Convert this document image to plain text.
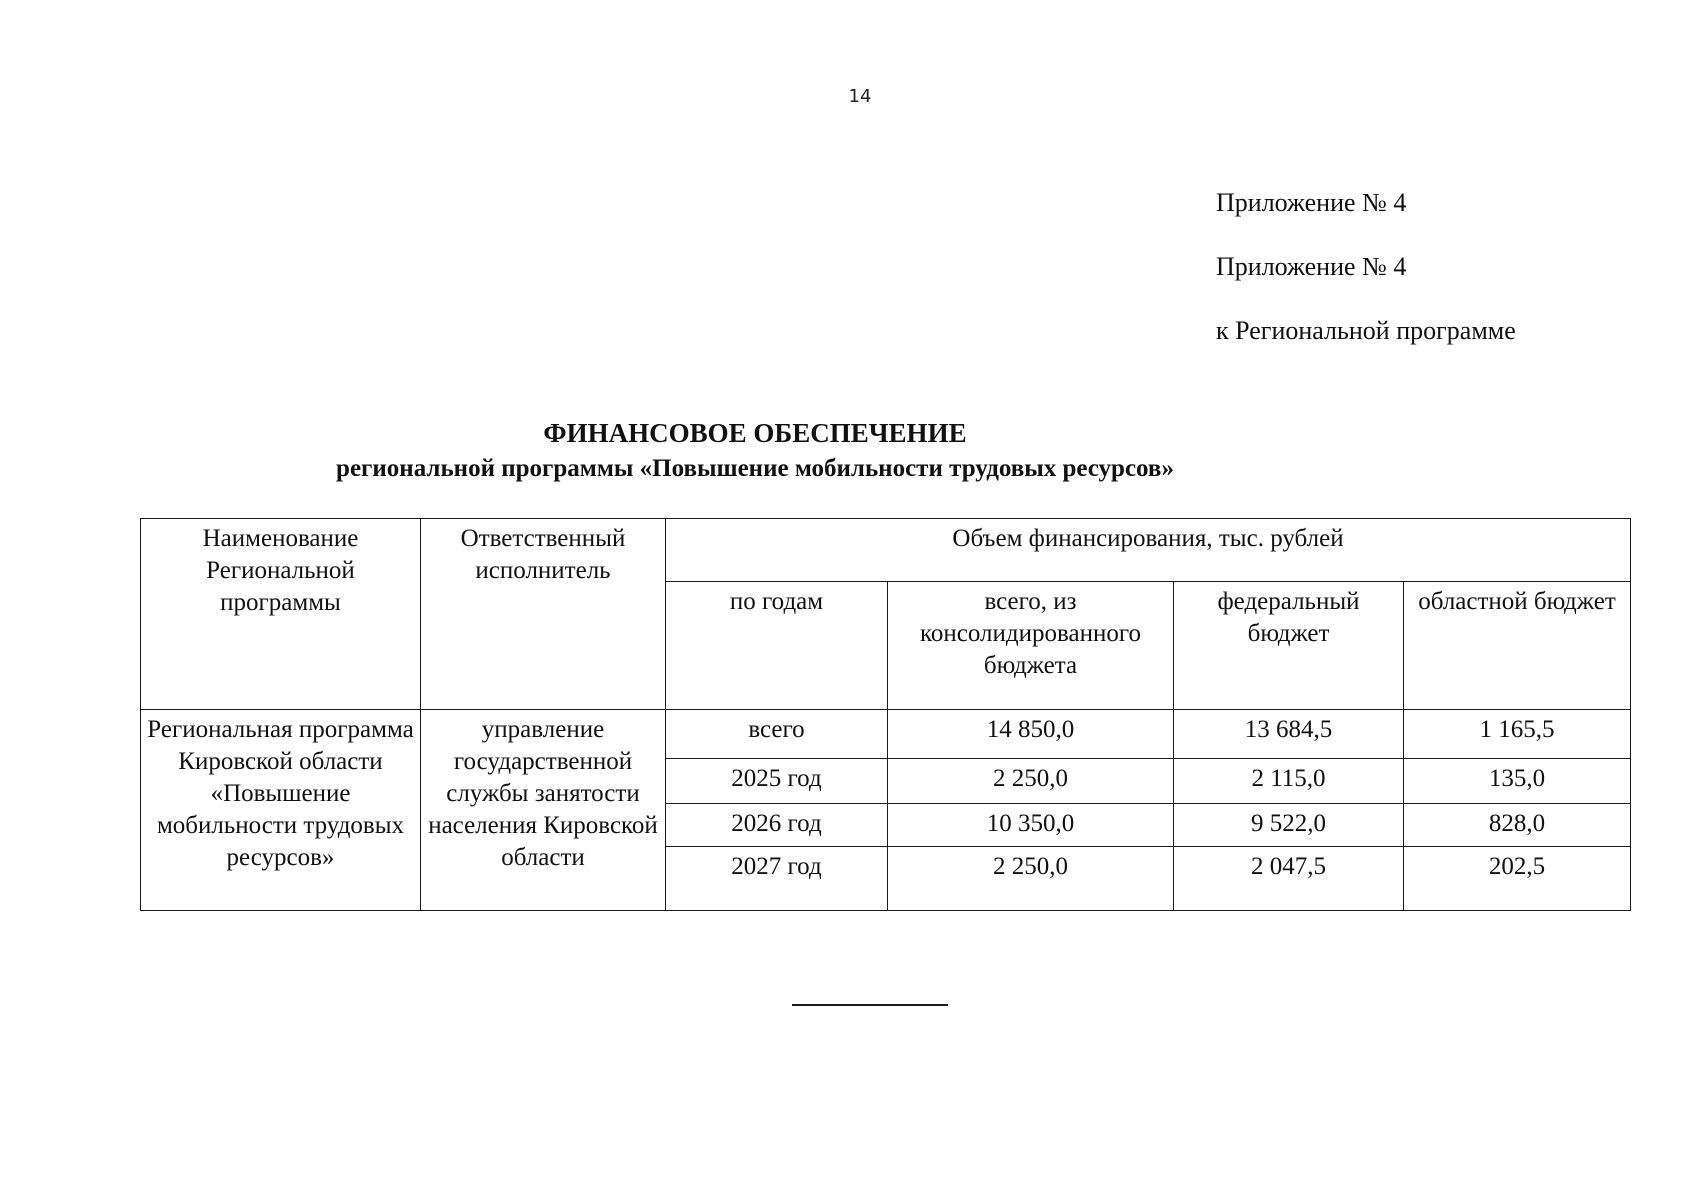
14
Приложение № 4
Приложение № 4
к Региональной программе
ФИНАНСОВОЕ ОБЕСПЕЧЕНИЕ
региональной программы «Повышение мобильности трудовых ресурсов»
Наименование Региональной программы	Ответственный исполнитель	Объем финансирования, тыс. рублей			
		по годам	всего, из консолидированного бюджета	федеральный бюджет	областной бюджет
Региональная программа Кировской области «Повышение мобильности трудовых ресурсов»	управление государственной службы занятости населения Кировской области	всего	14 850,0	13 684,5	1 165,5
		2025 год	2 250,0	2 115,0	135,0
		2026 год	10 350,0	9 522,0	828,0
		2027 год	2 250,0	2 047,5	202,5
